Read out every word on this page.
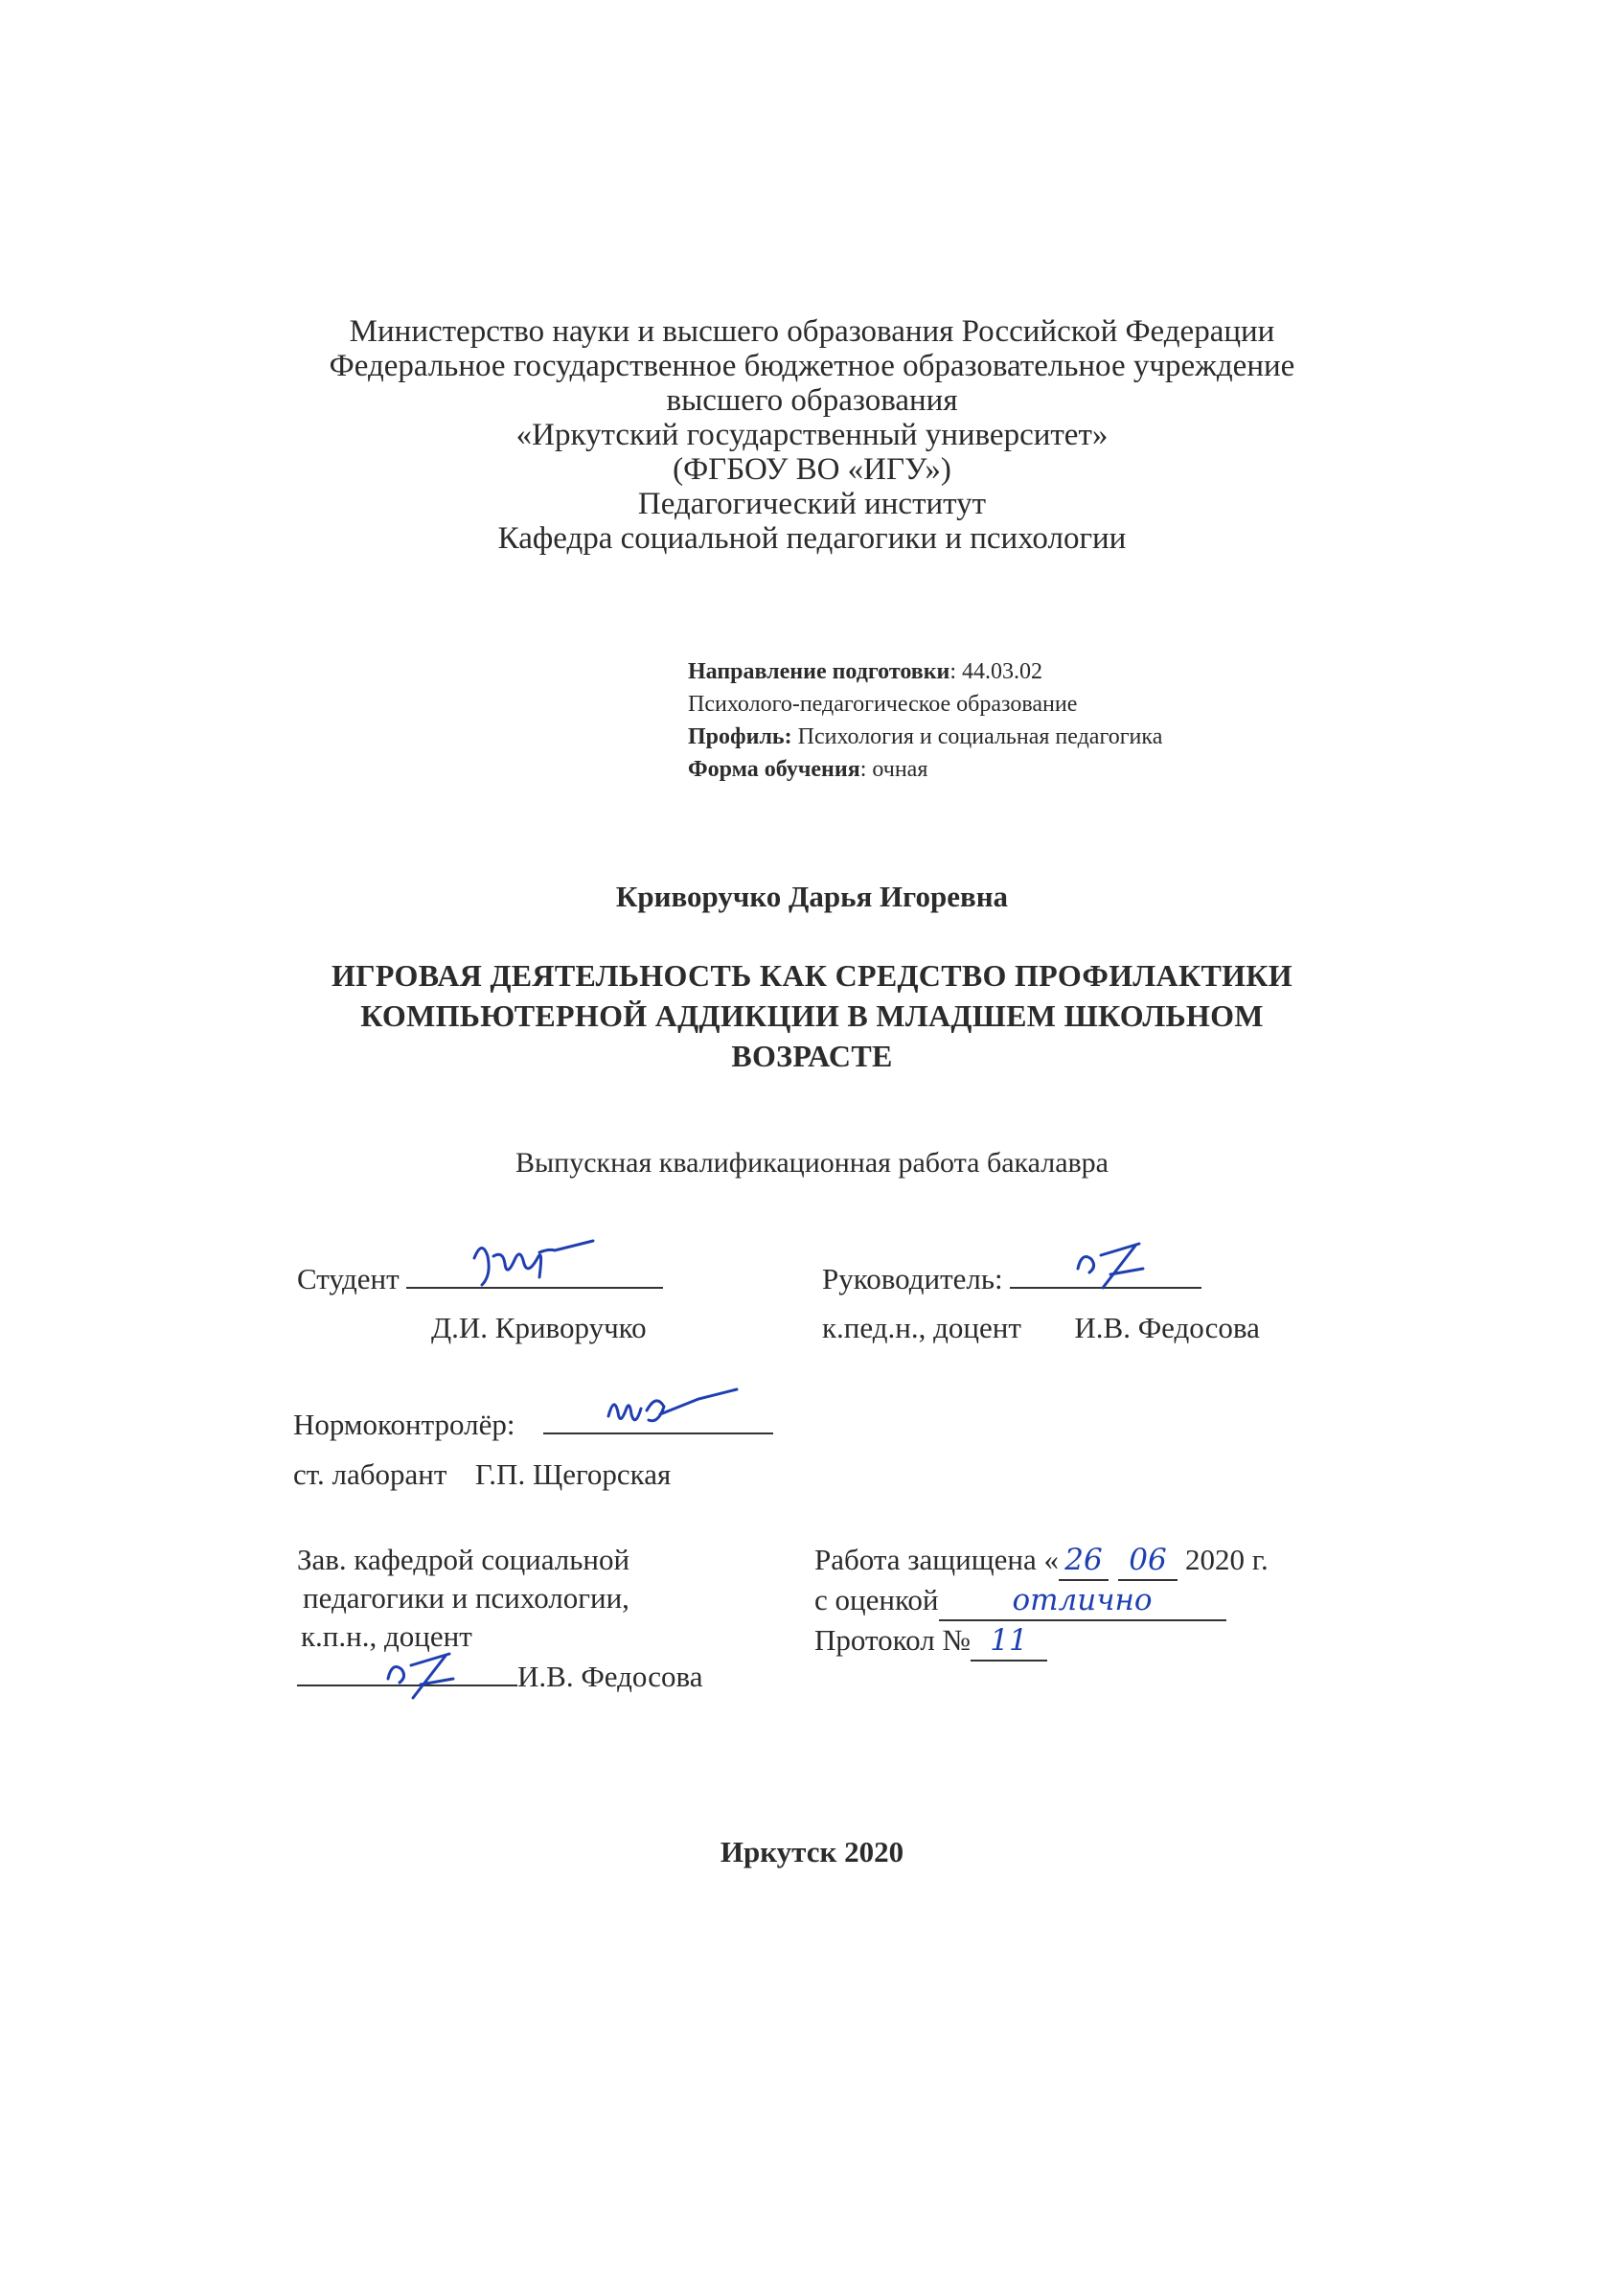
Министерство науки и высшего образования Российской Федерации
Федеральное государственное бюджетное образовательное учреждение
высшего образования
«Иркутский государственный университет»
(ФГБОУ ВО «ИГУ»)
Педагогический институт
Кафедра социальной педагогики и психологии
Направление подготовки: 44.03.02
Психолого-педагогическое образование
Профиль: Психология и социальная педагогика
Форма обучения: очная
Криворучко Дарья Игоревна
ИГРОВАЯ ДЕЯТЕЛЬНОСТЬ КАК СРЕДСТВО ПРОФИЛАКТИКИ
КОМПЬЮТЕРНОЙ АДДИКЦИИ В МЛАДШЕМ ШКОЛЬНОМ
ВОЗРАСТЕ
Выпускная квалификационная работа бакалавра
Студент
Д.И. Криворучко
Руководитель:
к.пед.н., доцент И.В. Федосова
Нормоконтролёр:
ст. лаборант Г.П. Щегорская
Зав. кафедрой социальной
педагогики и психологии,
к.п.н., доцент
И.В. Федосова
Работа защищена « 26 06 2020 г.
с оценкой отлично
Протокол № 11
Иркутск 2020
